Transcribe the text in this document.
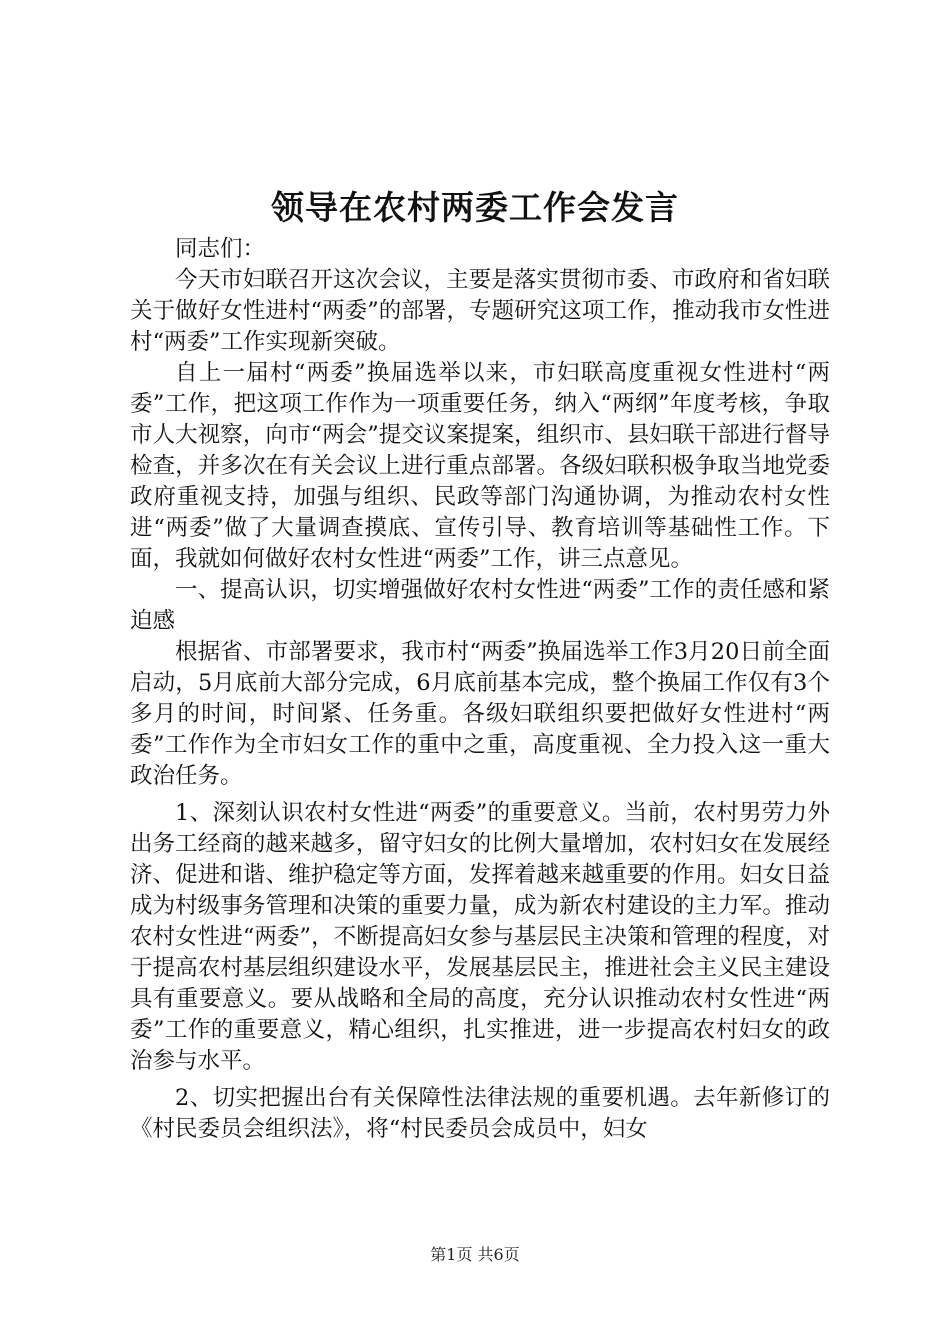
领导在农村两委工作会发言

同志们：

今天市妇联召开这次会议，主要是落实贯彻市委、市政府和省妇联关于做好女性进村“两委”的部署，专题研究这项工作，推动我市女性进村“两委”工作实现新突破。

自上一届村“两委”换届选举以来，市妇联高度重视女性进村“两委”工作，把这项工作作为一项重要任务，纳入“两纲”年度考核，争取市人大视察，向市“两会”提交议案提案，组织市、县妇联干部进行督导检查，并多次在有关会议上进行重点部署。各级妇联积极争取当地党委政府重视支持，加强与组织、民政等部门沟通协调，为推动农村女性进“两委”做了大量调查摸底、宣传引导、教育培训等基础性工作。下面，我就如何做好农村女性进“两委”工作，讲三点意见。

一、提高认识，切实增强做好农村女性进“两委”工作的责任感和紧迫感

根据省、市部署要求，我市村“两委”换届选举工作3月20日前全面启动，5月底前大部分完成，6月底前基本完成，整个换届工作仅有3个多月的时间，时间紧、任务重。各级妇联组织要把做好女性进村“两委”工作作为全市妇女工作的重中之重，高度重视、全力投入这一重大政治任务。

1、深刻认识农村女性进“两委”的重要意义。当前，农村男劳力外出务工经商的越来越多，留守妇女的比例大量增加，农村妇女在发展经济、促进和谐、维护稳定等方面，发挥着越来越重要的作用。妇女日益成为村级事务管理和决策的重要力量，成为新农村建设的主力军。推动农村女性进“两委”，不断提高妇女参与基层民主决策和管理的程度，对于提高农村基层组织建设水平，发展基层民主，推进社会主义民主建设具有重要意义。要从战略和全局的高度，充分认识推动农村女性进“两委”工作的重要意义，精心组织，扎实推进，进一步提高农村妇女的政治参与水平。

2、切实把握出台有关保障性法律法规的重要机遇。去年新修订的《村民委员会组织法》，将“村民委员会成员中，妇女

第1页 共6页
